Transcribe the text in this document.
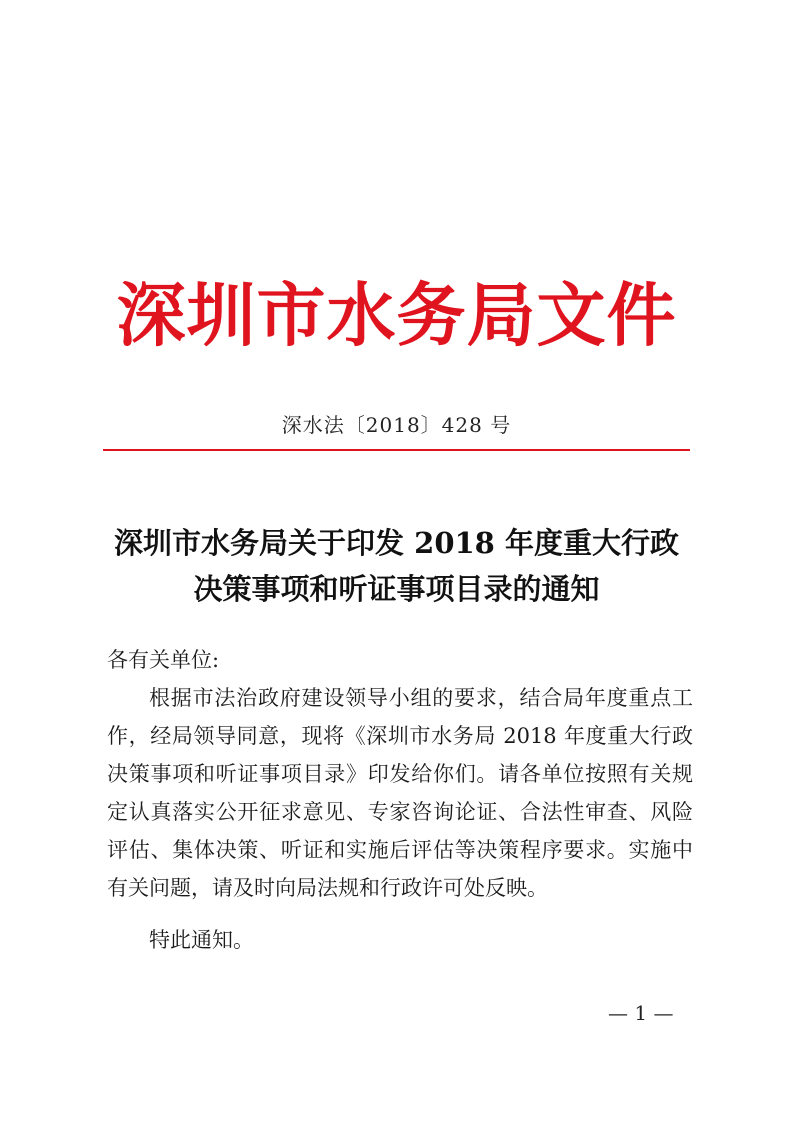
深圳市水务局文件
深水法〔2018〕428 号
深圳市水务局关于印发 2018 年度重大行政
决策事项和听证事项目录的通知
各有关单位:

根据市法治政府建设领导小组的要求，结合局年度重点工作，经局领导同意，现将《深圳市水务局 2018 年度重大行政决策事项和听证事项目录》印发给你们。请各单位按照有关规定认真落实公开征求意见、专家咨询论证、合法性审查、风险评估、集体决策、听证和实施后评估等决策程序要求。实施中有关问题，请及时向局法规和行政许可处反映。

特此通知。
— 1 —
